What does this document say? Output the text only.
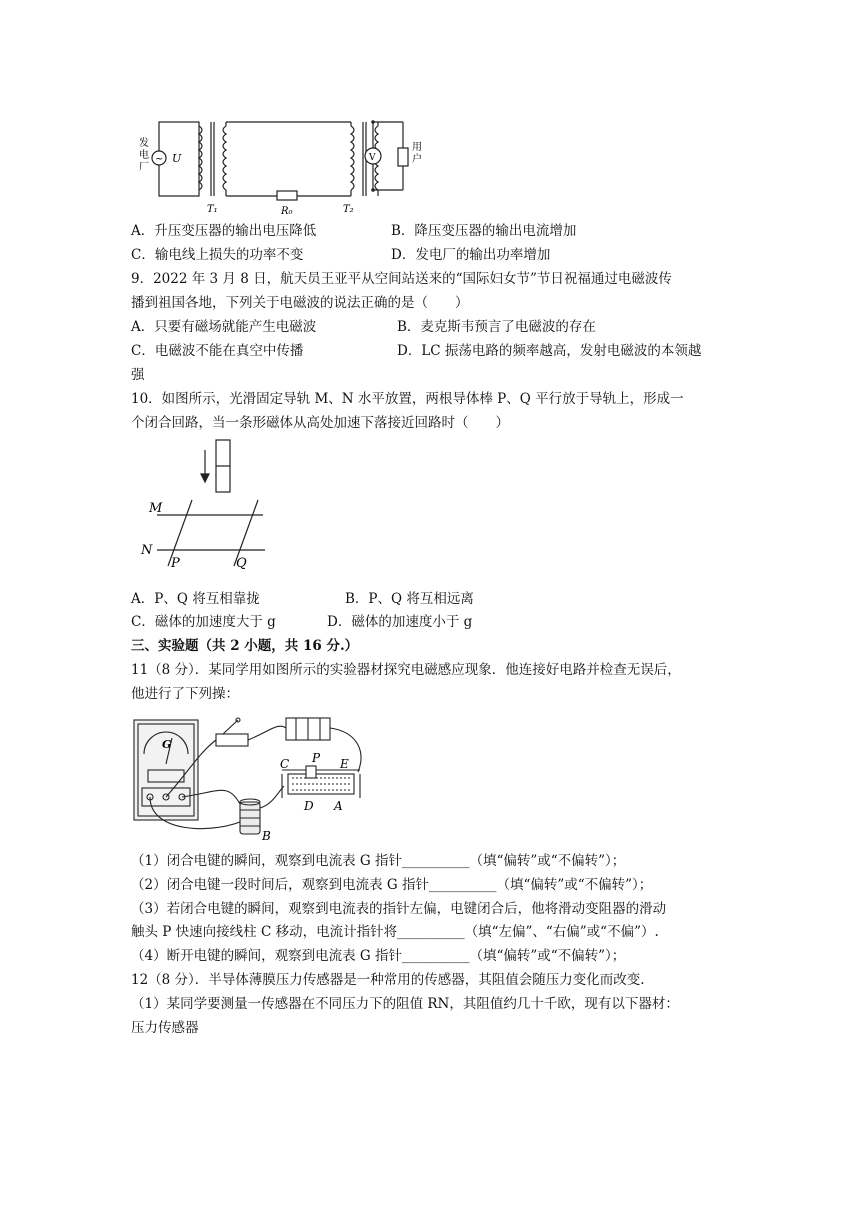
~ U	V
T₁	R₀	T₂
发电厂
用户
A．升压变压器的输出电压降低	B．降压变压器的输出电流增加
C．输电线上损失的功率不变	D．发电厂的输出功率增加
9．2022 年 3 月 8 日，航天员王亚平从空间站送来的“国际妇女节”节日祝福通过电磁波传
播到祖国各地，下列关于电磁波的说法正确的是（　　）
A．只要有磁场就能产生电磁波	B．麦克斯韦预言了电磁波的存在
C．电磁波不能在真空中传播	D．LC 振荡电路的频率越高，发射电磁波的本领越
强
10．如图所示，光滑固定导轨 M、N 水平放置，两根导体棒 P、Q 平行放于导轨上，形成一
个闭合回路，当一条形磁体从高处加速下落接近回路时（　　）
M
N
P	Q
A．P、Q 将互相靠拢	B．P、Q 将互相远离
C．磁体的加速度大于 g	D．磁体的加速度小于 g
三、实验题（共 2 小题，共 16 分.）
11（8 分）．某同学用如图所示的实验器材探究电磁感应现象．他连接好电路并检查无误后，
他进行了下列操：
G
C P E
D A
B
（1）闭合电键的瞬间，观察到电流表 G 指针__________（填“偏转”或“不偏转”）；
（2）闭合电键一段时间后，观察到电流表 G 指针__________（填“偏转”或“不偏转”）；
（3）若闭合电键的瞬间，观察到电流表的指针左偏，电键闭合后，他将滑动变阻器的滑动
触头 P 快速向接线柱 C 移动，电流计指针将__________（填“左偏”、“右偏”或“不偏”）.
（4）断开电键的瞬间，观察到电流表 G 指针__________（填“偏转”或“不偏转”）；
12（8 分）．半导体薄膜压力传感器是一种常用的传感器，其阻值会随压力变化而改变.
（1）某同学要测量一传感器在不同压力下的阻值 RN，其阻值约几十千欧，现有以下器材：
压力传感器
